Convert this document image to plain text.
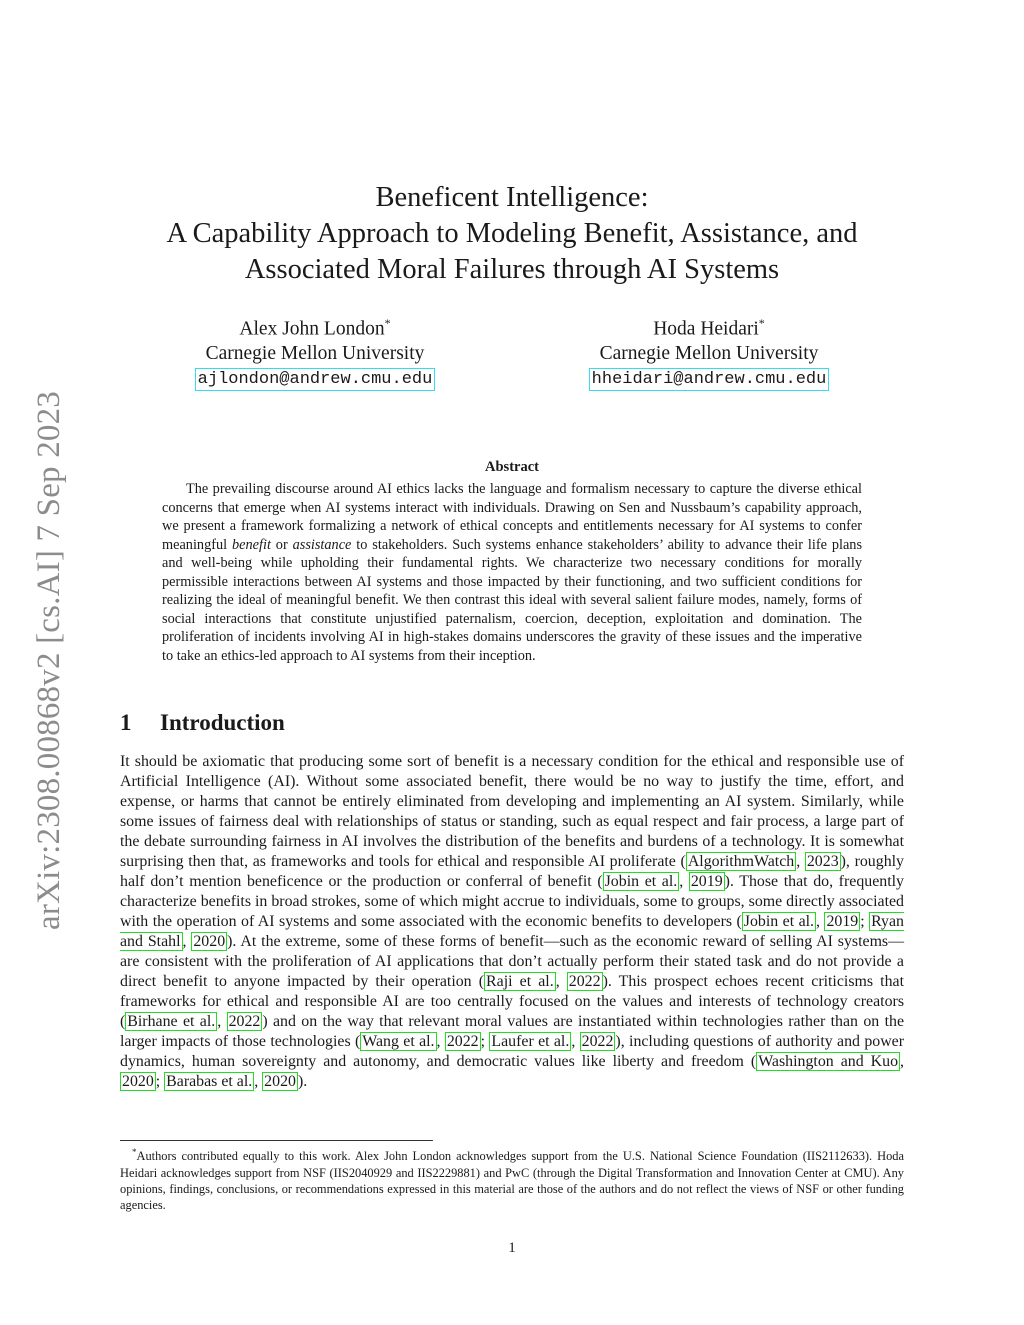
arXiv:2308.00868v2 [cs.AI] 7 Sep 2023
Beneficent Intelligence:
A Capability Approach to Modeling Benefit, Assistance, and
Associated Moral Failures through AI Systems
Alex John London*
Carnegie Mellon University
ajlondon@andrew.cmu.edu
Hoda Heidari*
Carnegie Mellon University
hheidari@andrew.cmu.edu
Abstract

The prevailing discourse around AI ethics lacks the language and formalism necessary to capture the diverse ethical concerns that emerge when AI systems interact with individuals. Drawing on Sen and Nussbaum’s capability approach, we present a framework formalizing a network of ethical concepts and entitlements necessary for AI systems to confer meaningful benefit or assistance to stakeholders. Such systems enhance stakeholders’ ability to advance their life plans and well-being while upholding their fundamental rights. We characterize two necessary conditions for morally permissible interactions between AI systems and those impacted by their functioning, and two sufficient conditions for realizing the ideal of meaningful benefit. We then contrast this ideal with several salient failure modes, namely, forms of social interactions that constitute unjustified paternalism, coercion, deception, exploitation and domination. The proliferation of incidents involving AI in high-stakes domains underscores the gravity of these issues and the imperative to take an ethics-led approach to AI systems from their inception.

1 Introduction

It should be axiomatic that producing some sort of benefit is a necessary condition for the ethical and responsible use of Artificial Intelligence (AI). Without some associated benefit, there would be no way to justify the time, effort, and expense, or harms that cannot be entirely eliminated from developing and implementing an AI system. Similarly, while some issues of fairness deal with relationships of status or standing, such as equal respect and fair process, a large part of the debate surrounding fairness in AI involves the distribution of the benefits and burdens of a technology. It is somewhat surprising then that, as frameworks and tools for ethical and responsible AI proliferate ( AlgorithmWatch , 2023 ), roughly half don’t mention beneficence or the production or conferral of benefit ( Jobin et al. , 2019 ). Those that do, frequently characterize benefits in broad strokes, some of which might accrue to individuals, some to groups, some directly associated with the operation of AI systems and some associated with the economic benefits to developers ( Jobin et al. , 2019 ; Ryan and Stahl , 2020 ). At the extreme, some of these forms of benefit—such as the economic reward of selling AI systems—are consistent with the proliferation of AI applications that don’t actually perform their stated task and do not provide a direct benefit to anyone impacted by their operation ( Raji et al. , 2022 ). This prospect echoes recent criticisms that frameworks for ethical and responsible AI are too centrally focused on the values and interests of technology creators ( Birhane et al. , 2022 ) and on the way that relevant moral values are instantiated within technologies rather than on the larger impacts of those technologies ( Wang et al. , 2022 ; Laufer et al. , 2022 ), including questions of authority and power dynamics, human sovereignty and autonomy, and democratic values like liberty and freedom ( Washington and Kuo , 2020 ; Barabas et al. , 2020 ).

*Authors contributed equally to this work. Alex John London acknowledges support from the U.S. National Science Foundation (IIS2112633). Hoda Heidari acknowledges support from NSF (IIS2040929 and IIS2229881) and PwC (through the Digital Transformation and Innovation Center at CMU). Any opinions, findings, conclusions, or recommendations expressed in this material are those of the authors and do not reflect the views of NSF or other funding agencies.

1
